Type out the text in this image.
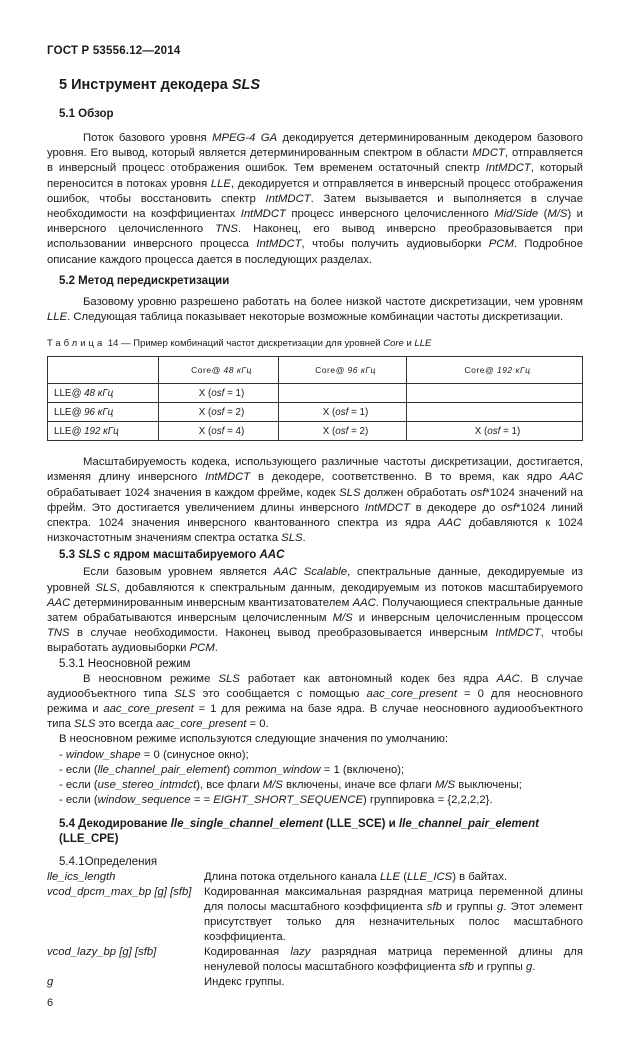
ГОСТ Р 53556.12—2014
5 Инструмент декодера SLS
5.1 Обзор

Поток базового уровня MPEG-4 GA декодируется детерминированным декодером базового уровня. Его вывод, который является детерминированным спектром в области MDCT, отправляется в инверсный процесс отображения ошибок. Тем временем остаточный спектр IntMDCT, который переносится в потоках уровня LLE, декодируется и отправляется в инверсный процесс отображения ошибок, чтобы восстановить спектр IntMDCT. Затем вызывается и выполняется в случае необходимости на коэффициентах IntMDCT процесс инверсного целочисленного Mid/Side (M/S) и инверсного целочисленного TNS. Наконец, его вывод инверсно преобразовывается при использовании инверсного процесса IntMDCT, чтобы получить аудиовыборки PCM. Подробное описание каждого процесса дается в последующих разделах.

5.2 Метод передискретизации

Базовому уровню разрешено работать на более низкой частоте дискретизации, чем уровням LLE. Следующая таблица показывает некоторые возможные комбинации частоты дискретизации.

Таблица 14 — Пример комбинаций частот дискретизации для уровней Core и LLE
	Core@ 48 кГц	Core@ 96 кГц	Core@ 192 кГц
LLE@ 48 кГц	X (osf = 1)		
LLE@ 96 кГц	X (osf = 2)	X (osf = 1)	
LLE@ 192 кГц	X (osf = 4)	X (osf = 2)	X (osf = 1)

Масштабируемость кодека, использующего различные частоты дискретизации, достигается, изменяя длину инверсного IntMDCT в декодере, соответственно. В то время, как ядро AAC обрабатывает 1024 значения в каждом фрейме, кодек SLS должен обработать osf*1024 значений на фрейм. Это достигается увеличением длины инверсного IntMDCT в декодере до osf*1024 линий спектра. 1024 значения инверсного квантованного спектра из ядра AAC добавляются к 1024 низкочастотным значениям спектра остатка SLS.

5.3 SLS с ядром масштабируемого AAC

Если базовым уровнем является AAC Scalable, спектральные данные, декодируемые из уровней SLS, добавляются к спектральным данным, декодируемым из потоков масштабируемого AAC детерминированным инверсным квантизатователем AAC. Получающиеся спектральные данные затем обрабатываются инверсным целочисленным M/S и инверсным целочисленным процессом TNS в случае необходимости. Наконец вывод преобразовывается инверсным IntMDCT, чтобы выработать аудиовыборки PCM.

5.3.1 Неосновной режим

В неосновном режиме SLS работает как автономный кодек без ядра AAC. В случае аудиообъектного типа SLS это сообщается с помощью aac_core_present = 0 для неосновного режима и aac_core_present = 1 для режима на базе ядра. В случае неосновного аудиообъектного типа SLS это всегда aac_core_present = 0.

В неосновном режиме используются следующие значения по умолчанию:

- window_shape = 0 (синусное окно);

- если (lle_channel_pair_element) common_window = 1 (включено);

- если (use_stereo_intmdct), все флаги M/S включены, иначе все флаги M/S выключены;

- если (window_sequence = = EIGHT_SHORT_SEQUENCE) группировка = {2,2,2,2}.

5.4 Декодирование lle_single_channel_element (LLE_SCE) и lle_channel_pair_element (LLE_CPE)
5.4.1Определения
lle_ics_length	Длина потока отдельного канала LLE (LLE_ICS) в байтах.
vcod_dpcm_max_bp [g] [sfb]	Кодированная максимальная разрядная матрица переменной длины для полосы масштабного коэффициента sfb и группы g. Этот элемент присутствует только для незначительных полос масштабного коэффициента.
vcod_lazy_bp [g] [sfb]	Кодированная lazy разрядная матрица переменной длины для ненулевой полосы масштабного коэффициента sfb и группы g.
g	Индекс группы.
6
